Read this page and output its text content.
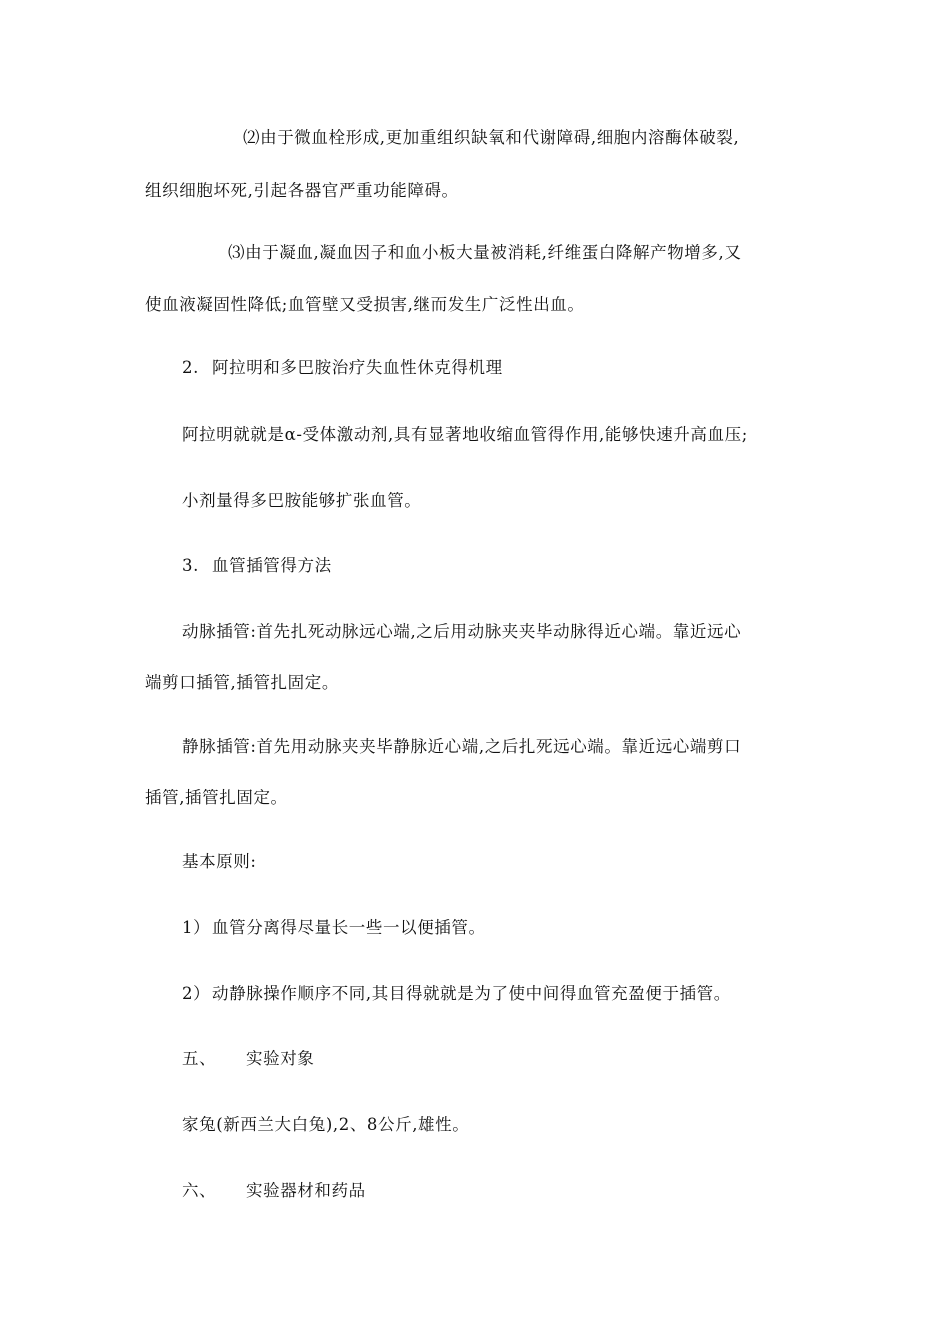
⑵由于微血栓形成,更加重组织缺氧和代谢障碍,细胞内溶酶体破裂,
组织细胞坏死,引起各器官严重功能障碍。
⑶由于凝血,凝血因子和血小板大量被消耗,纤维蛋白降解产物增多,又
使血液凝固性降低;血管壁又受损害,继而发生广泛性出血。
2. 阿拉明和多巴胺治疗失血性休克得机理
阿拉明就就是α-受体激动剂,具有显著地收缩血管得作用,能够快速升高血压;
小剂量得多巴胺能够扩张血管。
3. 血管插管得方法
动脉插管:首先扎死动脉远心端,之后用动脉夹夹毕动脉得近心端。靠近远心
端剪口插管,插管扎固定。
静脉插管:首先用动脉夹夹毕静脉近心端,之后扎死远心端。靠近远心端剪口
插管,插管扎固定。
基本原则:
1） 血管分离得尽量长一些一以便插管。
2） 动静脉操作顺序不同,其目得就就是为了使中间得血管充盈便于插管。
五、 实验对象
家兔(新西兰大白兔),2、8公斤,雄性。
六、 实验器材和药品
